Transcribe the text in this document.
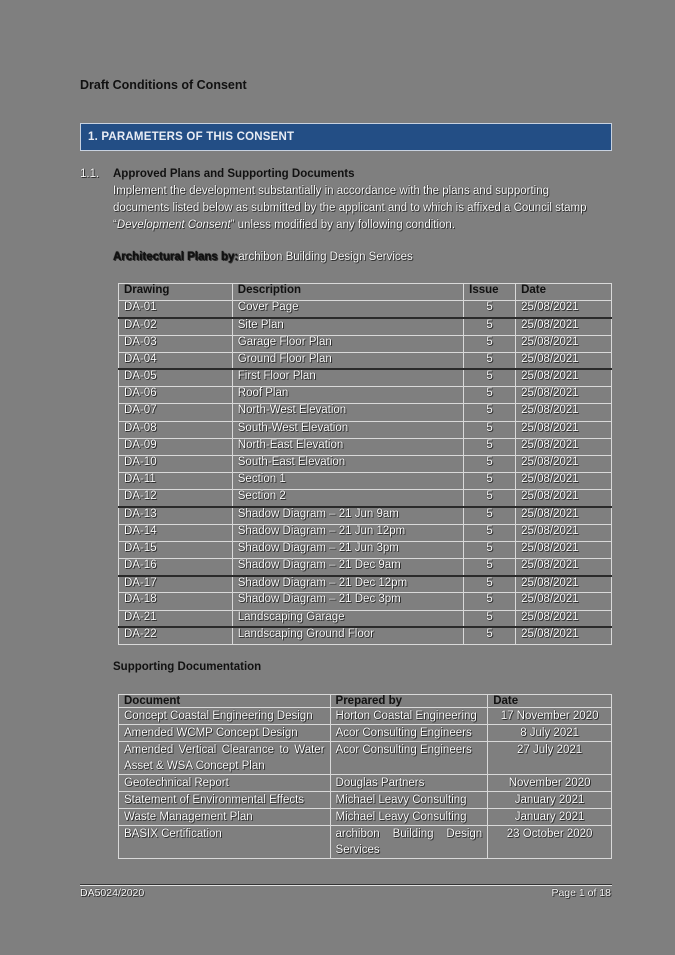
Draft Conditions of Consent
1. PARAMETERS OF THIS CONSENT
1.1. Approved Plans and Supporting Documents
Implement the development substantially in accordance with the plans and supporting documents listed below as submitted by the applicant and to which is affixed a Council stamp “Development Consent” unless modified by any following condition.
Architectural Plans by:archibon Building Design Services
Drawing	Description	Issue	Date
DA-01	Cover Page	5	25/08/2021
DA-02	Site Plan	5	25/08/2021
DA-03	Garage Floor Plan	5	25/08/2021
DA-04	Ground Floor Plan	5	25/08/2021
DA-05	First Floor Plan	5	25/08/2021
DA-06	Roof Plan	5	25/08/2021
DA-07	North-West Elevation	5	25/08/2021
DA-08	South-West Elevation	5	25/08/2021
DA-09	North-East Elevation	5	25/08/2021
DA-10	South-East Elevation	5	25/08/2021
DA-11	Section 1	5	25/08/2021
DA-12	Section 2	5	25/08/2021
DA-13	Shadow Diagram – 21 Jun 9am	5	25/08/2021
DA-14	Shadow Diagram – 21 Jun 12pm	5	25/08/2021
DA-15	Shadow Diagram – 21 Jun 3pm	5	25/08/2021
DA-16	Shadow Diagram – 21 Dec 9am	5	25/08/2021
DA-17	Shadow Diagram – 21 Dec 12pm	5	25/08/2021
DA-18	Shadow Diagram – 21 Dec 3pm	5	25/08/2021
DA-21	Landscaping Garage	5	25/08/2021
DA-22	Landscaping Ground Floor	5	25/08/2021
Supporting Documentation
Document	Prepared by	Date
Concept Coastal Engineering Design	Horton Coastal Engineering	17 November 2020
Amended WCMP Concept Design	Acor Consulting Engineers	8 July 2021
Amended Vertical Clearance to Water Asset & WSA Concept Plan	Acor Consulting Engineers	27 July 2021
Geotechnical Report	Douglas Partners	November 2020
Statement of Environmental Effects	Michael Leavy Consulting	January 2021
Waste Management Plan	Michael Leavy Consulting	January 2021
BASIX Certification	archibon Building Design Services	23 October 2020
DA5024/2020	Page 1 of 18
